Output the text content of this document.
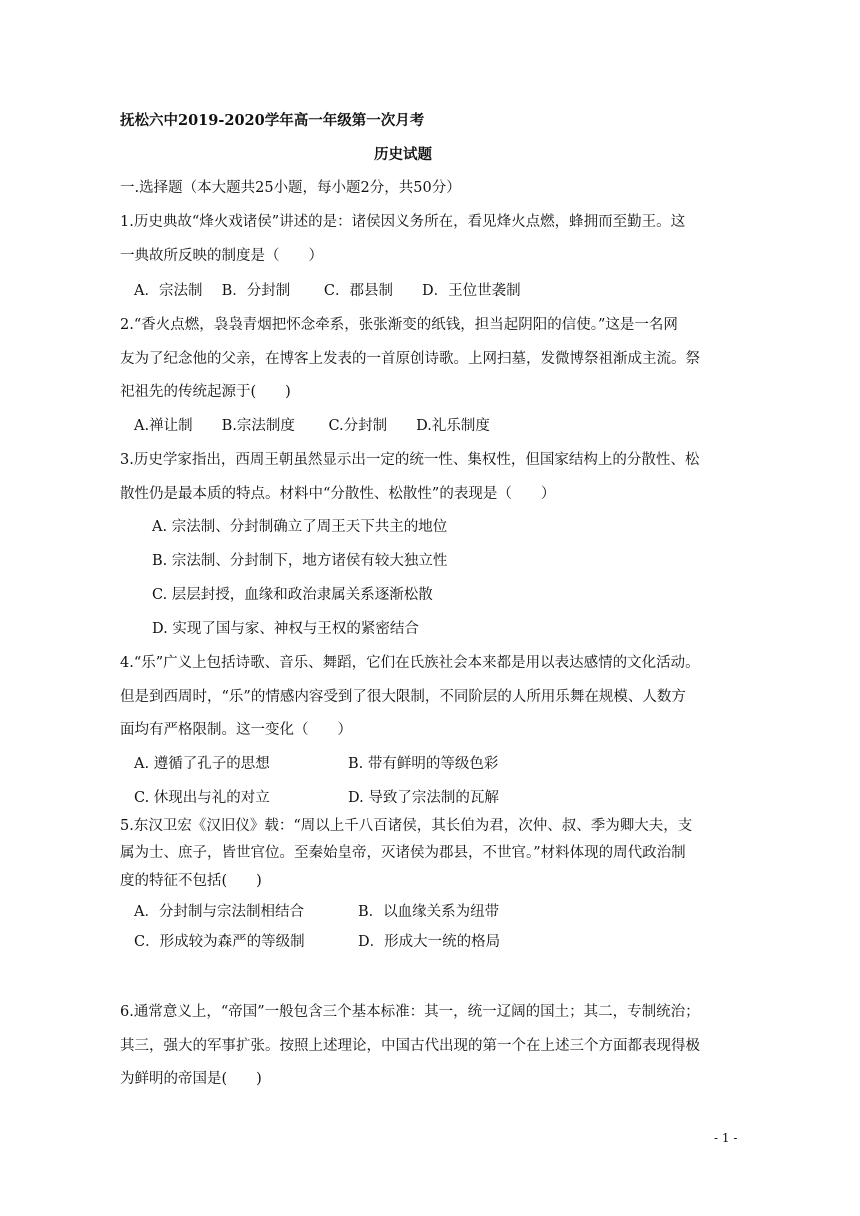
抚松六中2019-2020学年高一年级第一次月考
历史试题
一.选择题（本大题共25小题，每小题2分，共50分）
1.历史典故“烽火戏诸侯”讲述的是：诸侯因义务所在，看见烽火点燃，蜂拥而至勤王。这
一典故所反映的制度是（　　）
A．宗法制　 B．分封制　　 C．郡县制　　D．王位世袭制
2.“香火点燃，袅袅青烟把怀念牵系，张张渐变的纸钱，担当起阴阳的信使。”这是一名网
友为了纪念他的父亲，在博客上发表的一首原创诗歌。上网扫墓，发微博祭祖渐成主流。祭
祀祖先的传统起源于(　　)
A.禅让制　　B.宗法制度　　 C.分封制　　D.礼乐制度
3.历史学家指出，西周王朝虽然显示出一定的统一性、集权性，但国家结构上的分散性、松
散性仍是最本质的特点。材料中“分散性、松散性”的表现是（　　）
A. 宗法制、分封制确立了周王天下共主的地位
B. 宗法制、分封制下，地方诸侯有较大独立性
C. 层层封授，血缘和政治隶属关系逐渐松散
D. 实现了国与家、神权与王权的紧密结合
4.“乐”广义上包括诗歌、音乐、舞蹈，它们在氏族社会本来都是用以表达感情的文化活动。
但是到西周时，“乐”的情感内容受到了很大限制，不同阶层的人所用乐舞在规模、人数方
面均有严格限制。这一变化（　　）
A. 遵循了孔子的思想	B. 带有鲜明的等级色彩
C. 休现出与礼的对立	D. 导致了宗法制的瓦解
5.东汉卫宏《汉旧仪》载：“周以上千八百诸侯，其长伯为君，次仲、叔、季为卿大夫，支
属为士、庶子，皆世官位。至秦始皇帝，灭诸侯为郡县，不世官。”材料体现的周代政治制
度的特征不包括(　　)
A．分封制与宗法制相结合	B．以血缘关系为纽带
C．形成较为森严的等级制	D．形成大一统的格局
6.通常意义上，“帝国”一般包含三个基本标准：其一，统一辽阔的国土；其二，专制统治；
其三，强大的军事扩张。按照上述理论，中国古代出现的第一个在上述三个方面都表现得极
为鲜明的帝国是(　　)
- 1 -
